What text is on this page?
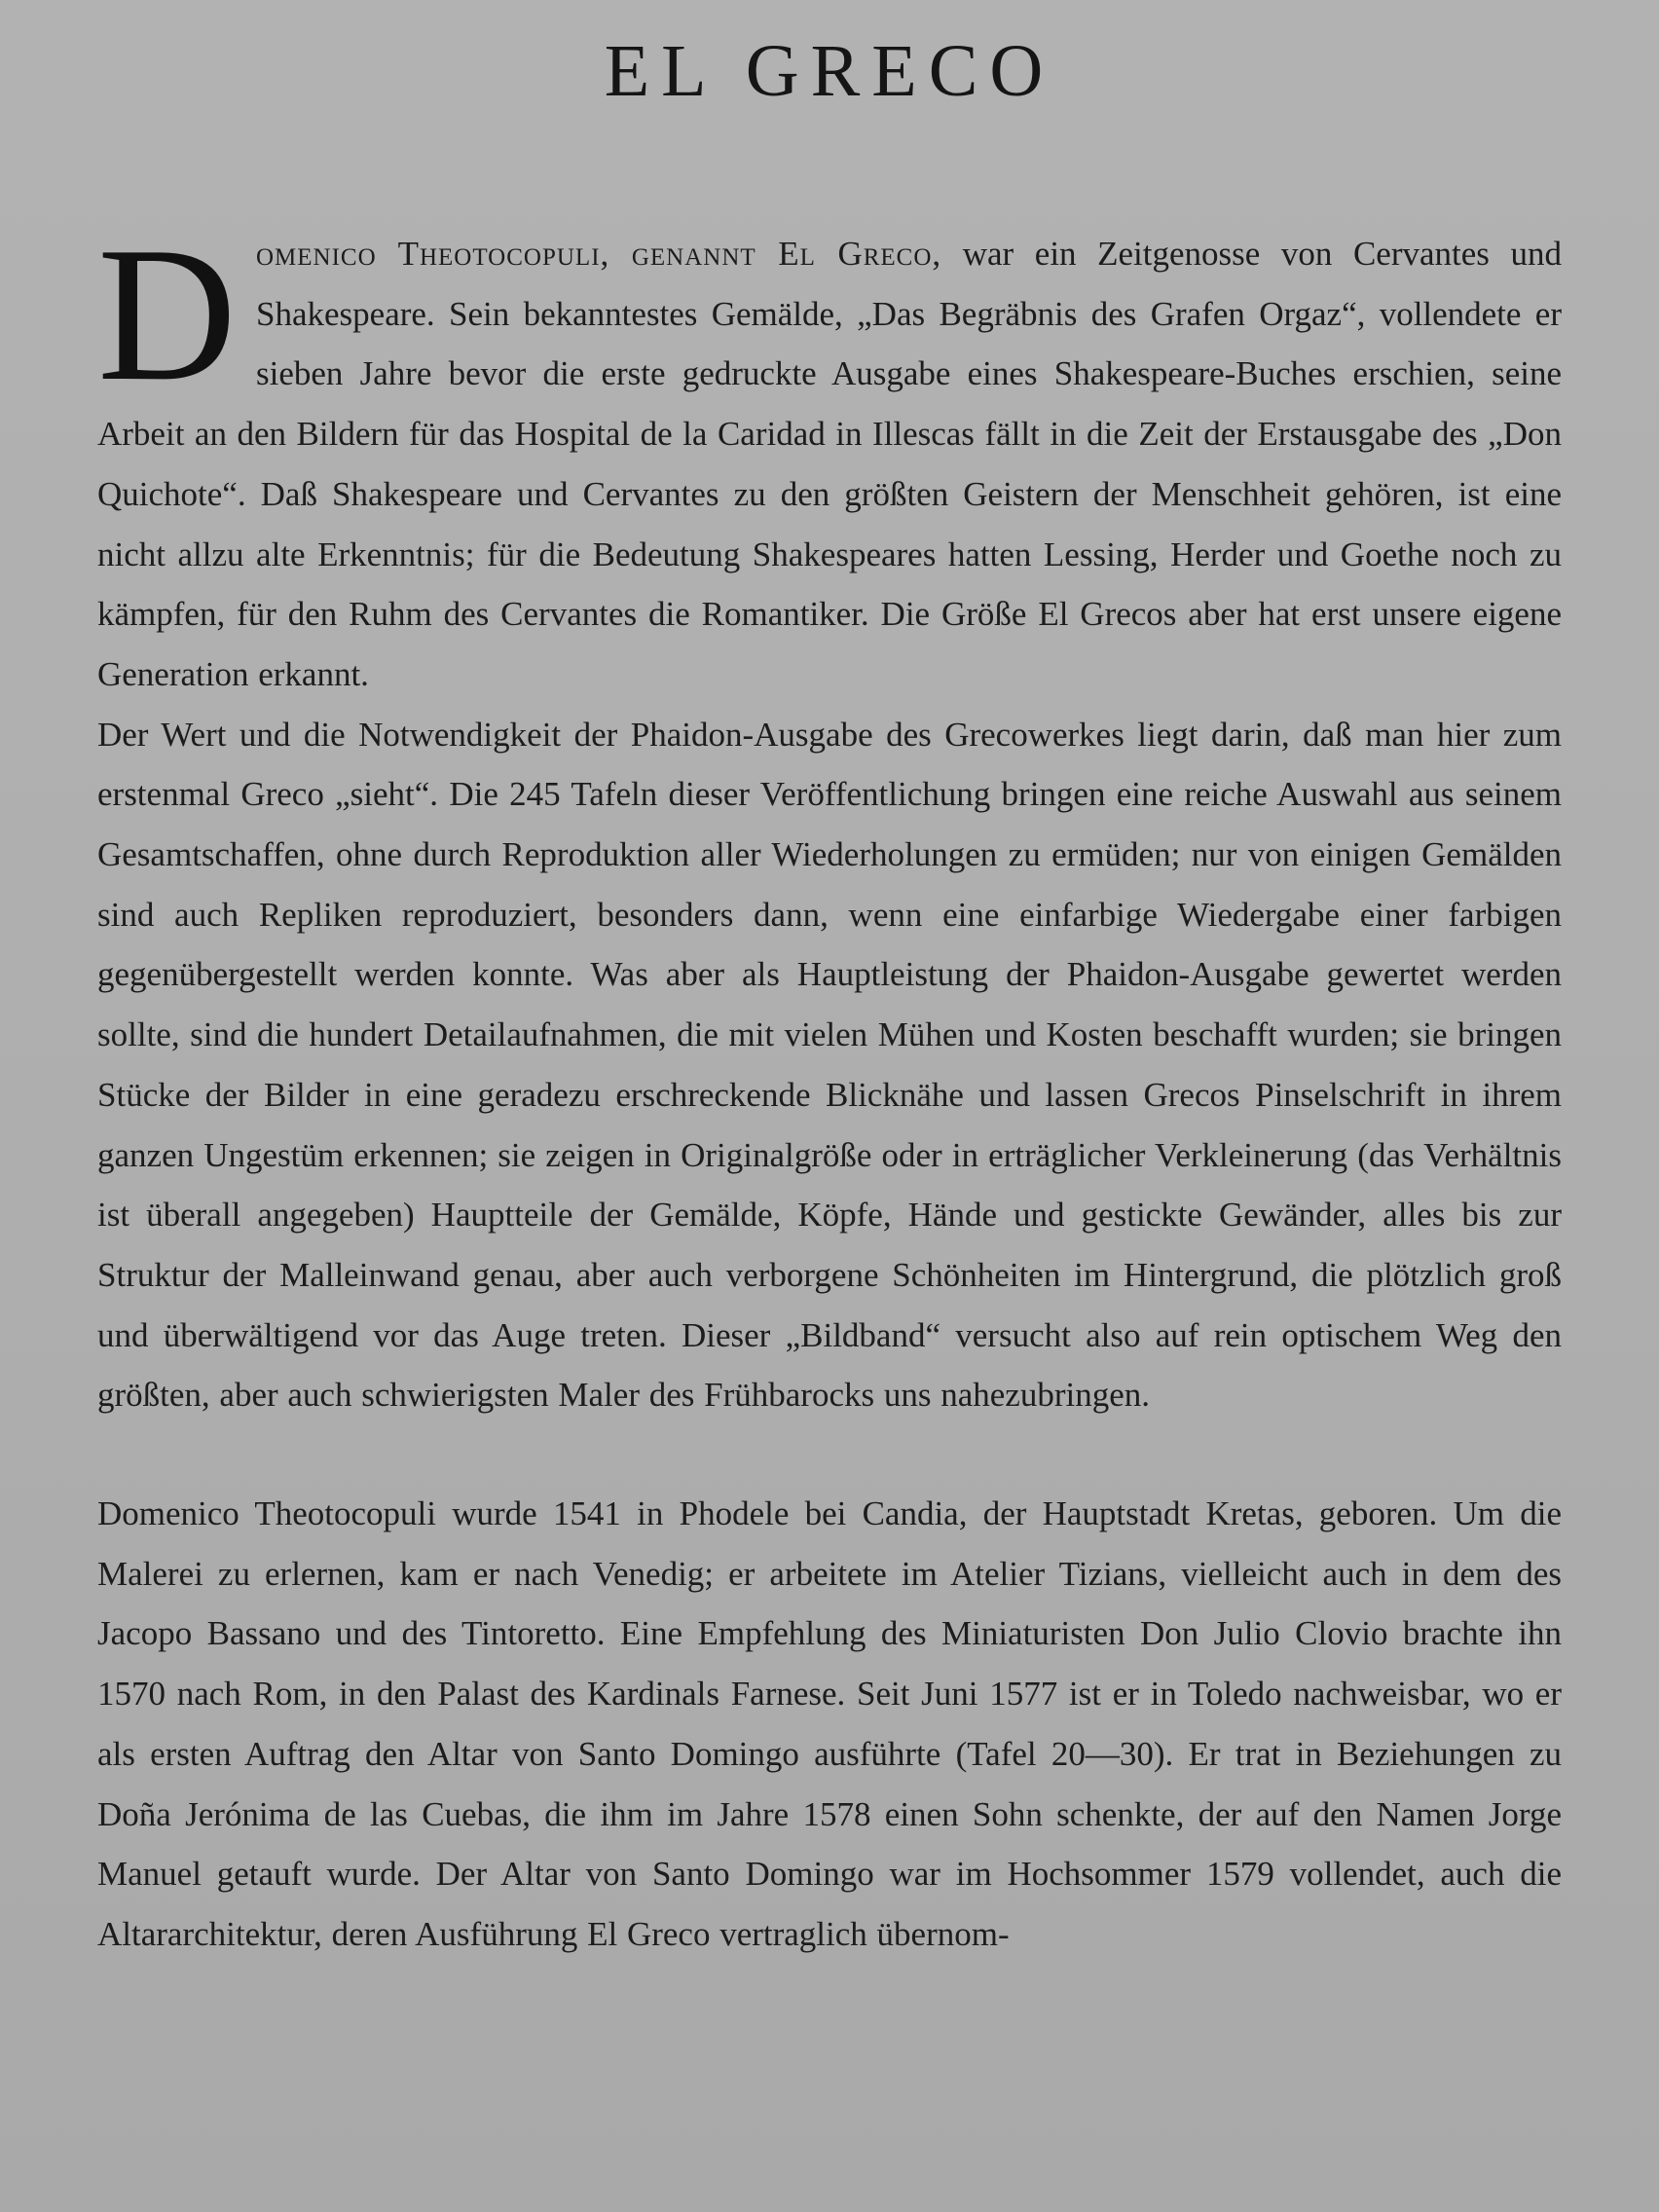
EL GRECO

Domenico Theotocopuli, genannt El Greco, war ein Zeitgenosse von Cervantes und Shakespeare. Sein bekanntestes Gemälde, „Das Begräbnis des Grafen Orgaz“, vollendete er sieben Jahre bevor die erste gedruckte Ausgabe eines Shakespeare-Buches erschien, seine Arbeit an den Bildern für das Hospital de la Caridad in Illescas fällt in die Zeit der Erstausgabe des „Don Quichote“. Daß Shakespeare und Cervantes zu den größten Geistern der Menschheit gehören, ist eine nicht allzu alte Erkenntnis; für die Bedeutung Shakespeares hatten Lessing, Herder und Goethe noch zu kämpfen, für den Ruhm des Cervantes die Romantiker. Die Größe El Grecos aber hat erst unsere eigene Generation erkannt.

Der Wert und die Notwendigkeit der Phaidon-Ausgabe des Grecowerkes liegt darin, daß man hier zum erstenmal Greco „sieht“. Die 245 Tafeln dieser Veröffentlichung bringen eine reiche Auswahl aus seinem Gesamtschaffen, ohne durch Reproduktion aller Wiederholungen zu ermüden; nur von einigen Gemälden sind auch Repliken reproduziert, besonders dann, wenn eine einfarbige Wiedergabe einer farbigen gegenübergestellt werden konnte. Was aber als Hauptleistung der Phaidon-Ausgabe gewertet werden sollte, sind die hundert Detailaufnahmen, die mit vielen Mühen und Kosten beschafft wurden; sie bringen Stücke der Bilder in eine geradezu erschreckende Blicknähe und lassen Grecos Pinselschrift in ihrem ganzen Ungestüm erkennen; sie zeigen in Originalgröße oder in erträglicher Verkleinerung (das Verhältnis ist überall angegeben) Hauptteile der Gemälde, Köpfe, Hände und gestickte Gewänder, alles bis zur Struktur der Malleinwand genau, aber auch verborgene Schönheiten im Hintergrund, die plötzlich groß und überwältigend vor das Auge treten. Dieser „Bildband“ versucht also auf rein optischem Weg den größten, aber auch schwierigsten Maler des Frühbarocks uns nahezubringen.

Domenico Theotocopuli wurde 1541 in Phodele bei Candia, der Hauptstadt Kretas, geboren. Um die Malerei zu erlernen, kam er nach Venedig; er arbeitete im Atelier Tizians, vielleicht auch in dem des Jacopo Bassano und des Tintoretto. Eine Empfehlung des Miniaturisten Don Julio Clovio brachte ihn 1570 nach Rom, in den Palast des Kardinals Farnese. Seit Juni 1577 ist er in Toledo nachweisbar, wo er als ersten Auftrag den Altar von Santo Domingo ausführte (Tafel 20—30). Er trat in Beziehungen zu Doña Jerónima de las Cuebas, die ihm im Jahre 1578 einen Sohn schenkte, der auf den Namen Jorge Manuel getauft wurde. Der Altar von Santo Domingo war im Hochsommer 1579 vollendet, auch die Altararchitektur, deren Ausführung El Greco vertraglich übernom-
